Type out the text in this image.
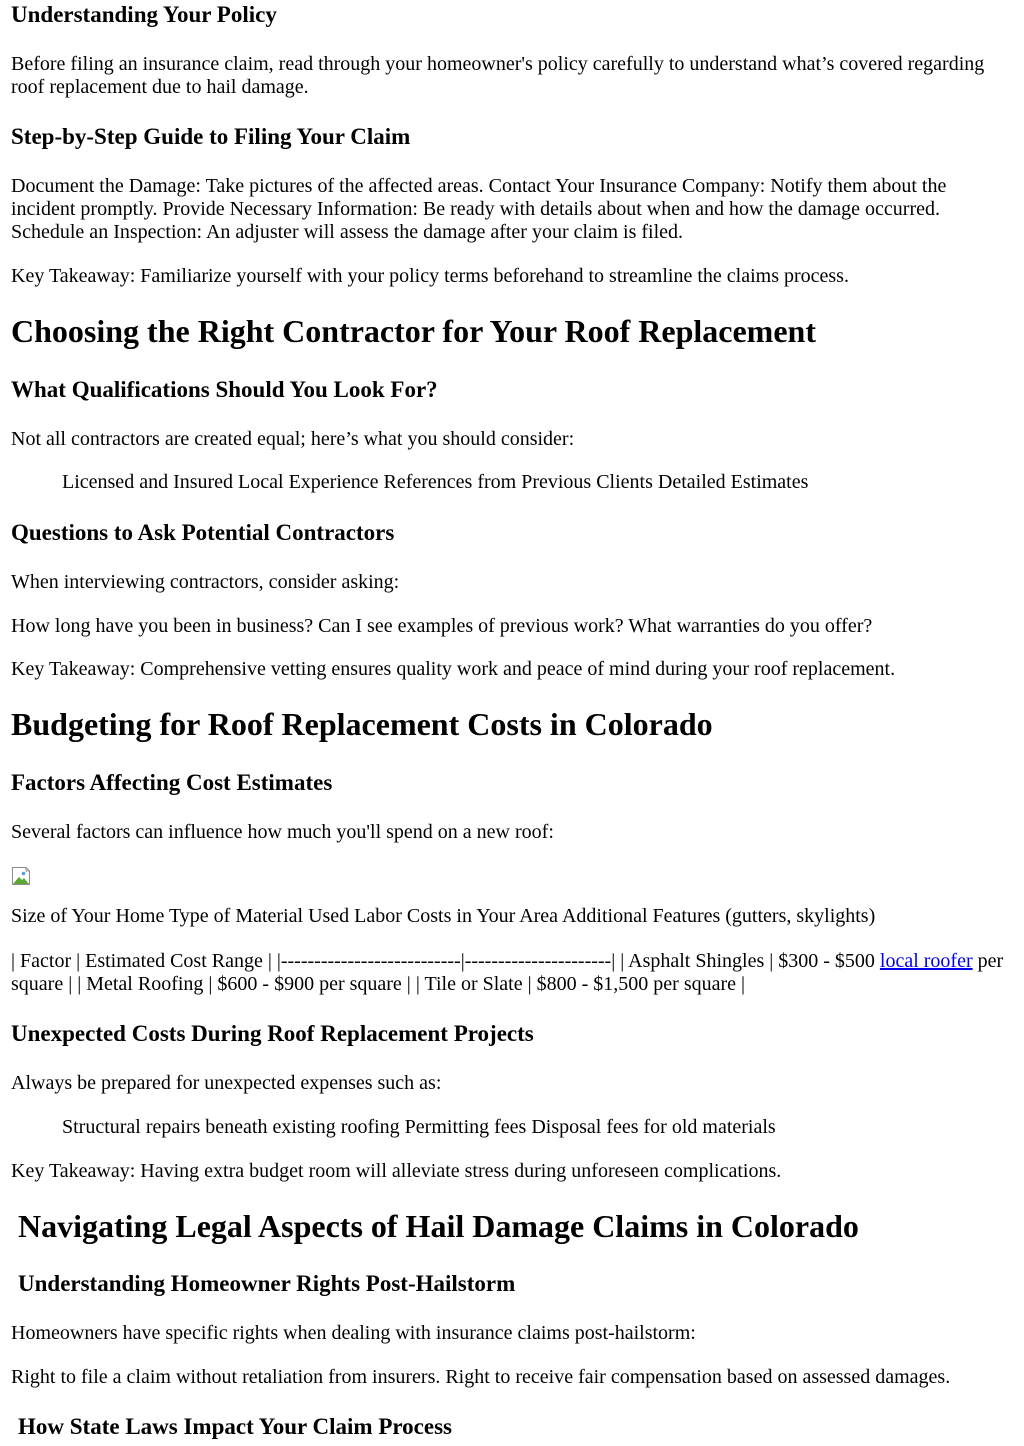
Understanding Your Policy

Before filing an insurance claim, read through your homeowner's policy carefully to understand what’s covered regarding roof replacement due to hail damage.

Step-by-Step Guide to Filing Your Claim

Document the Damage: Take pictures of the affected areas. Contact Your Insurance Company: Notify them about the incident promptly. Provide Necessary Information: Be ready with details about when and how the damage occurred. Schedule an Inspection: An adjuster will assess the damage after your claim is filed.

Key Takeaway: Familiarize yourself with your policy terms beforehand to streamline the claims process.

Choosing the Right Contractor for Your Roof Replacement
What Qualifications Should You Look For?

Not all contractors are created equal; here’s what you should consider:

Licensed and Insured Local Experience References from Previous Clients Detailed Estimates

Questions to Ask Potential Contractors

When interviewing contractors, consider asking:

How long have you been in business? Can I see examples of previous work? What warranties do you offer?

Key Takeaway: Comprehensive vetting ensures quality work and peace of mind during your roof replacement.

Budgeting for Roof Replacement Costs in Colorado
Factors Affecting Cost Estimates

Several factors can influence how much you'll spend on a new roof:

Size of Your Home Type of Material Used Labor Costs in Your Area Additional Features (gutters, skylights)

| Factor | Estimated Cost Range | |---------------------------|----------------------| | Asphalt Shingles | $300 - $500 local roofer per square | | Metal Roofing | $600 - $900 per square | | Tile or Slate | $800 - $1,500 per square |

Unexpected Costs During Roof Replacement Projects

Always be prepared for unexpected expenses such as:

Structural repairs beneath existing roofing Permitting fees Disposal fees for old materials

Key Takeaway: Having extra budget room will alleviate stress during unforeseen complications.

Navigating Legal Aspects of Hail Damage Claims in Colorado
Understanding Homeowner Rights Post-Hailstorm

Homeowners have specific rights when dealing with insurance claims post-hailstorm:

Right to file a claim without retaliation from insurers. Right to receive fair compensation based on assessed damages.

How State Laws Impact Your Claim Process
